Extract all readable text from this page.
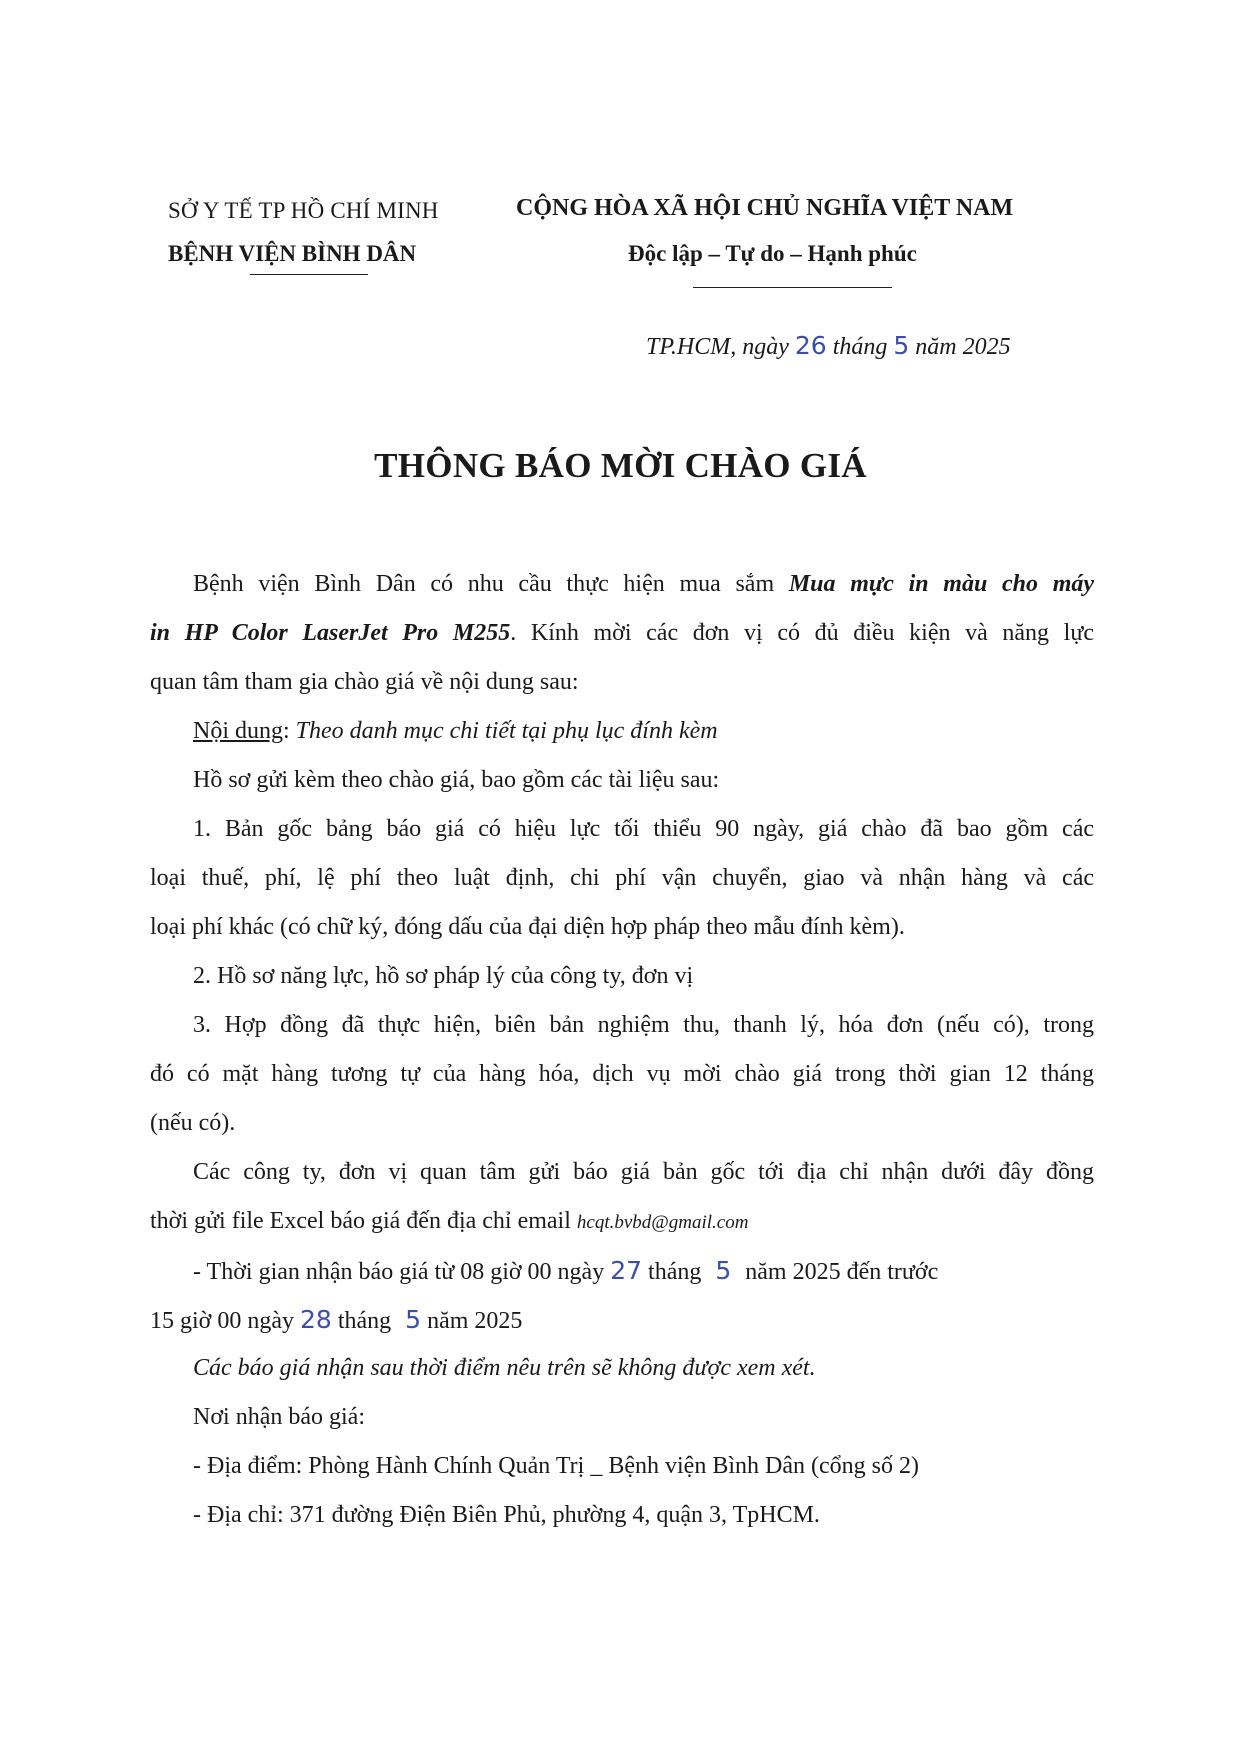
SỞ Y TẾ TP HỒ CHÍ MINH
BỆNH VIỆN BÌNH DÂN
CỘNG HÒA XÃ HỘI CHỦ NGHĨA VIỆT NAM
Độc lập – Tự do – Hạnh phúc
TP.HCM, ngày 26 tháng 5 năm 2025
THÔNG BÁO MỜI CHÀO GIÁ
Bệnh viện Bình Dân có nhu cầu thực hiện mua sắm Mua mực in màu cho máy
in HP Color LaserJet Pro M255. Kính mời các đơn vị có đủ điều kiện và năng lực
quan tâm tham gia chào giá về nội dung sau:
Nội dung: Theo danh mục chi tiết tại phụ lục đính kèm
Hồ sơ gửi kèm theo chào giá, bao gồm các tài liệu sau:
1. Bản gốc bảng báo giá có hiệu lực tối thiểu 90 ngày, giá chào đã bao gồm các
loại thuế, phí, lệ phí theo luật định, chi phí vận chuyển, giao và nhận hàng và các
loại phí khác (có chữ ký, đóng dấu của đại diện hợp pháp theo mẫu đính kèm).
2. Hồ sơ năng lực, hồ sơ pháp lý của công ty, đơn vị
3. Hợp đồng đã thực hiện, biên bản nghiệm thu, thanh lý, hóa đơn (nếu có), trong
đó có mặt hàng tương tự của hàng hóa, dịch vụ mời chào giá trong thời gian 12 tháng
(nếu có).
Các công ty, đơn vị quan tâm gửi báo giá bản gốc tới địa chỉ nhận dưới đây đồng
thời gửi file Excel báo giá đến địa chỉ email hcqt.bvbd@gmail.com
- Thời gian nhận báo giá từ 08 giờ 00 ngày 27 tháng 5 năm 2025 đến trước
15 giờ 00 ngày 28 tháng 5 năm 2025
Các báo giá nhận sau thời điểm nêu trên sẽ không được xem xét.
Nơi nhận báo giá:
- Địa điểm: Phòng Hành Chính Quản Trị _ Bệnh viện Bình Dân (cổng số 2)
- Địa chỉ: 371 đường Điện Biên Phủ, phường 4, quận 3, TpHCM.
